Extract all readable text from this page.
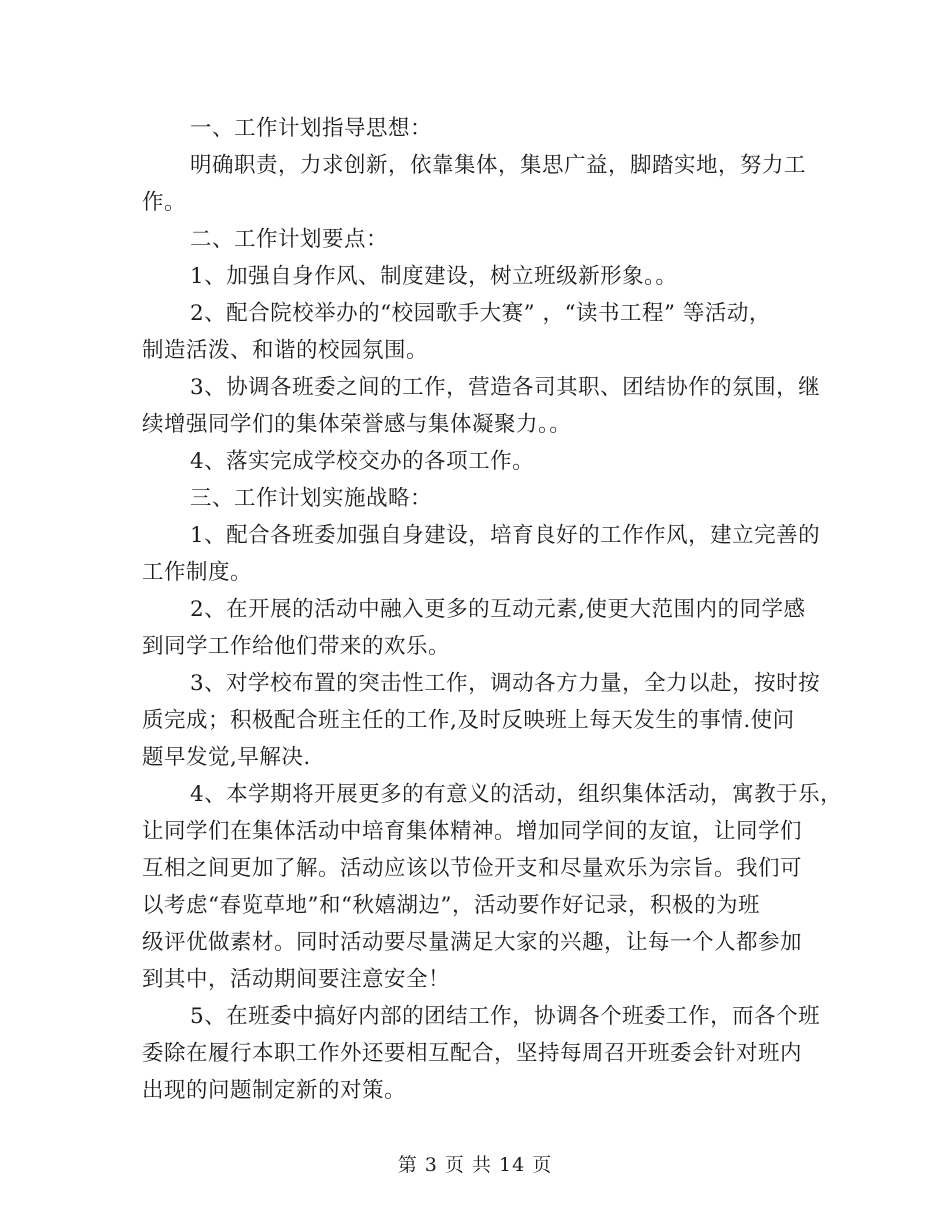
一、工作计划指导思想：
明确职责，力求创新，依靠集体，集思广益，脚踏实地，努力工
作。
二、工作计划要点：
1、加强自身作风、制度建设，树立班级新形象。。
2、配合院校举办的“校园歌手大赛” ，“读书工程” 等活动，
制造活泼、和谐的校园氛围。
3、协调各班委之间的工作，营造各司其职、团结协作的氛围，继
续增强同学们的集体荣誉感与集体凝聚力。。
4、落实完成学校交办的各项工作。
三、工作计划实施战略：
1、配合各班委加强自身建设，培育良好的工作作风，建立完善的
工作制度。
2、在开展的活动中融入更多的互动元素,使更大范围内的同学感
到同学工作给他们带来的欢乐。
3、对学校布置的突击性工作，调动各方力量，全力以赴，按时按
质完成；积极配合班主任的工作,及时反映班上每天发生的事情.使问
题早发觉,早解决.
4、本学期将开展更多的有意义的活动，组织集体活动，寓教于乐，
让同学们在集体活动中培育集体精神。增加同学间的友谊，让同学们
互相之间更加了解。活动应该以节俭开支和尽量欢乐为宗旨。我们可
以考虑“春览草地”和“秋嬉湖边”，活动要作好记录，积极的为班
级评优做素材。同时活动要尽量满足大家的兴趣，让每一个人都参加
到其中，活动期间要注意安全！
5、在班委中搞好内部的团结工作，协调各个班委工作，而各个班
委除在履行本职工作外还要相互配合，坚持每周召开班委会针对班内
出现的问题制定新的对策。
第 3 页 共 14 页
